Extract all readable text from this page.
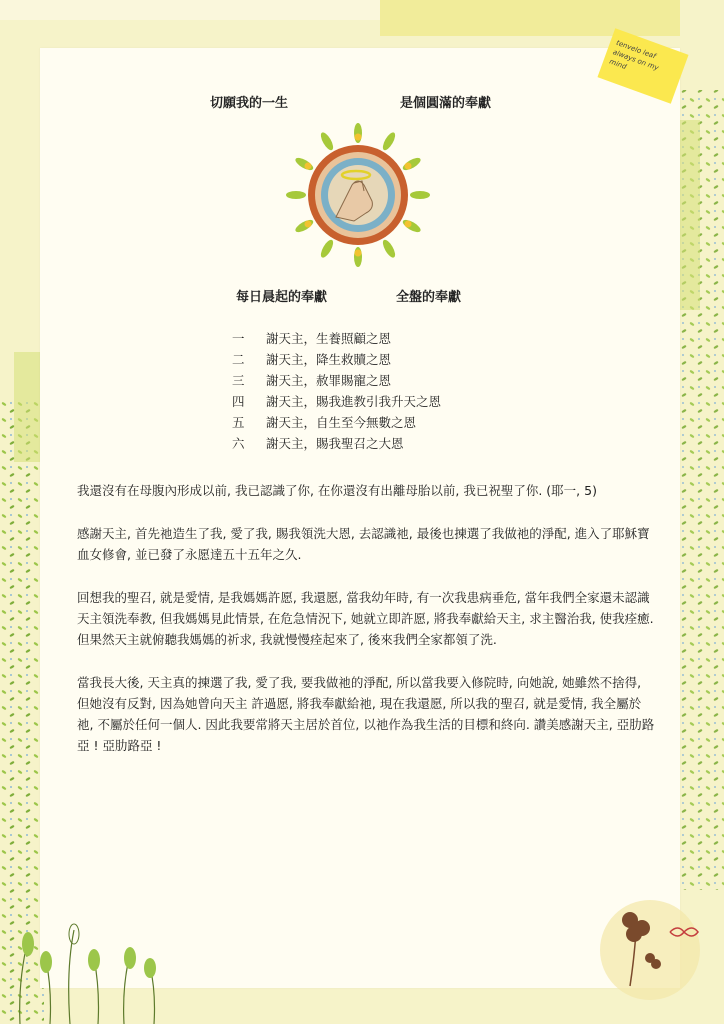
tenvelo leaf always on my mind
切願我的一生	是個圓滿的奉獻
每日晨起的奉獻	全盤的奉獻
一 謝天主，生養照顧之恩
二 謝天主，降生救贖之恩
三 謝天主，赦罪賜寵之恩
四 謝天主，賜我進教引我升天之恩
五 謝天主，自生至今無數之恩
六 謝天主，賜我聖召之大恩

我還沒有在母腹內形成以前, 我已認識了你, 在你還沒有出離母胎以前, 我已祝聖了你. (耶一, 5)

感謝天主, 首先祂造生了我, 愛了我, 賜我領洗大恩, 去認識祂, 最後也揀選了我做祂的淨配, 進入了耶穌寶血女修會, 並已發了永愿達五十五年之久.

回想我的聖召, 就是愛情, 是我媽媽許愿, 我還愿, 當我幼年時, 有一次我患病垂危, 當年我們全家還未認識天主領洗奉教, 但我媽媽見此情景, 在危急情況下, 她就立即許愿, 將我奉獻給天主, 求主醫治我, 使我痊癒. 但果然天主就俯聽我媽媽的祈求, 我就慢慢痊起來了, 後來我們全家都領了洗.

當我長大後, 天主真的揀選了我, 愛了我, 要我做祂的淨配, 所以當我要入修院時, 向她說, 她雖然不捨得, 但她沒有反對, 因為她曾向天主 許過愿, 將我奉獻給祂, 現在我還愿, 所以我的聖召, 就是愛情, 我全屬於祂, 不屬於任何一個人. 因此我要常將天主居於首位, 以祂作為我生活的目標和終向. 讚美感謝天主, 亞肋路亞 ! 亞肋路亞 !
